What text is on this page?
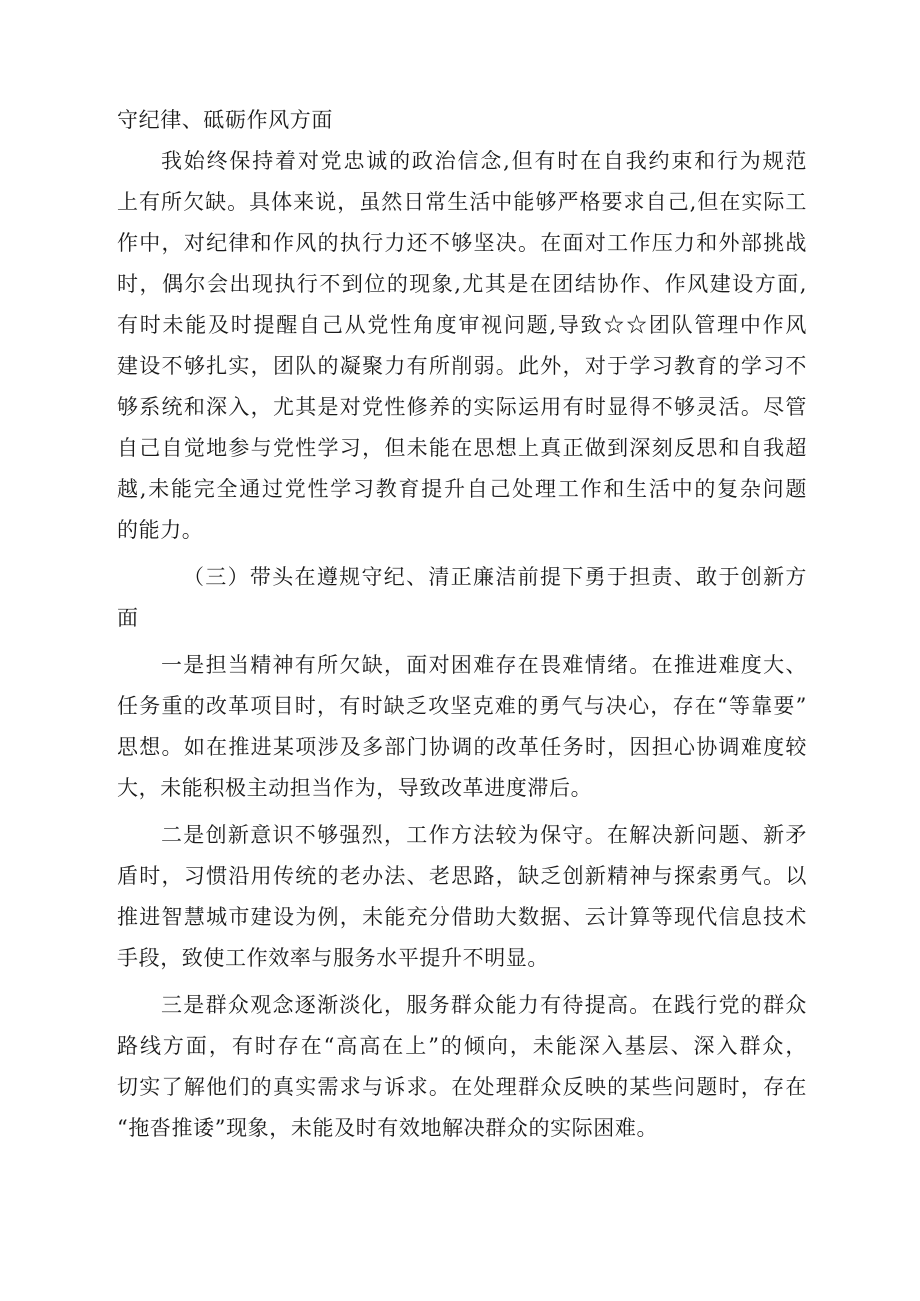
守纪律、砥砺作风方面
我始终保持着对党忠诚的政治信念,但有时在自我约束和行为规范
上有所欠缺。具体来说，虽然日常生活中能够严格要求自己,但在实际工
作中，对纪律和作风的执行力还不够坚决。在面对工作压力和外部挑战
时，偶尔会出现执行不到位的现象,尤其是在团结协作、作风建设方面,
有时未能及时提醒自己从党性角度审视问题,导致☆☆团队管理中作风
建设不够扎实，团队的凝聚力有所削弱。此外，对于学习教育的学习不
够系统和深入，尤其是对党性修养的实际运用有时显得不够灵活。尽管
自己自觉地参与党性学习，但未能在思想上真正做到深刻反思和自我超
越,未能完全通过党性学习教育提升自己处理工作和生活中的复杂问题
的能力。
（三）带头在遵规守纪、清正廉洁前提下勇于担责、敢于创新方
面
一是担当精神有所欠缺，面对困难存在畏难情绪。在推进难度大、
任务重的改革项目时，有时缺乏攻坚克难的勇气与决心，存在“等靠要”
思想。如在推进某项涉及多部门协调的改革任务时，因担心协调难度较
大，未能积极主动担当作为，导致改革进度滞后。
二是创新意识不够强烈，工作方法较为保守。在解决新问题、新矛
盾时，习惯沿用传统的老办法、老思路，缺乏创新精神与探索勇气。以
推进智慧城市建设为例，未能充分借助大数据、云计算等现代信息技术
手段，致使工作效率与服务水平提升不明显。
三是群众观念逐渐淡化，服务群众能力有待提高。在践行党的群众
路线方面，有时存在“高高在上”的倾向，未能深入基层、深入群众，
切实了解他们的真实需求与诉求。在处理群众反映的某些问题时，存在
“拖沓推诿”现象，未能及时有效地解决群众的实际困难。
